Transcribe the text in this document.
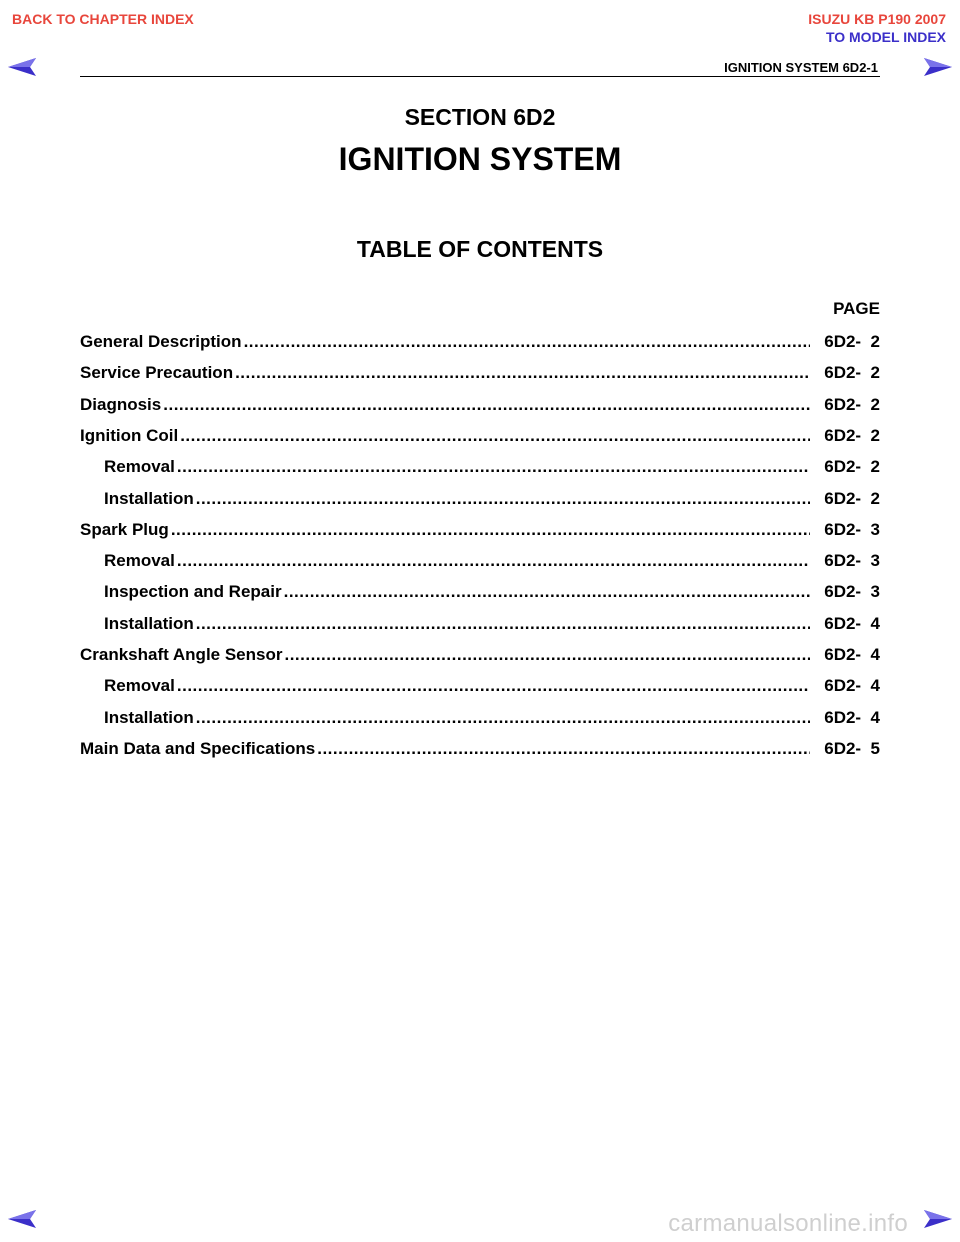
BACK TO CHAPTER INDEX	ISUZU KB P190 2007
TO MODEL INDEX
IGNITION SYSTEM 6D2-1
SECTION 6D2
IGNITION SYSTEM
TABLE OF CONTENTS
PAGE
General Description .....	6D2-  2
Service Precaution .....	6D2-  2
Diagnosis .....	6D2-  2
Ignition Coil .....	6D2-  2
Removal .....	6D2-  2
Installation .....	6D2-  2
Spark Plug .....	6D2-  3
Removal .....	6D2-  3
Inspection and Repair .....	6D2-  3
Installation .....	6D2-  4
Crankshaft Angle Sensor .....	6D2-  4
Removal .....	6D2-  4
Installation .....	6D2-  4
Main Data and Specifications .....	6D2-  5
carmanualsonline.info
